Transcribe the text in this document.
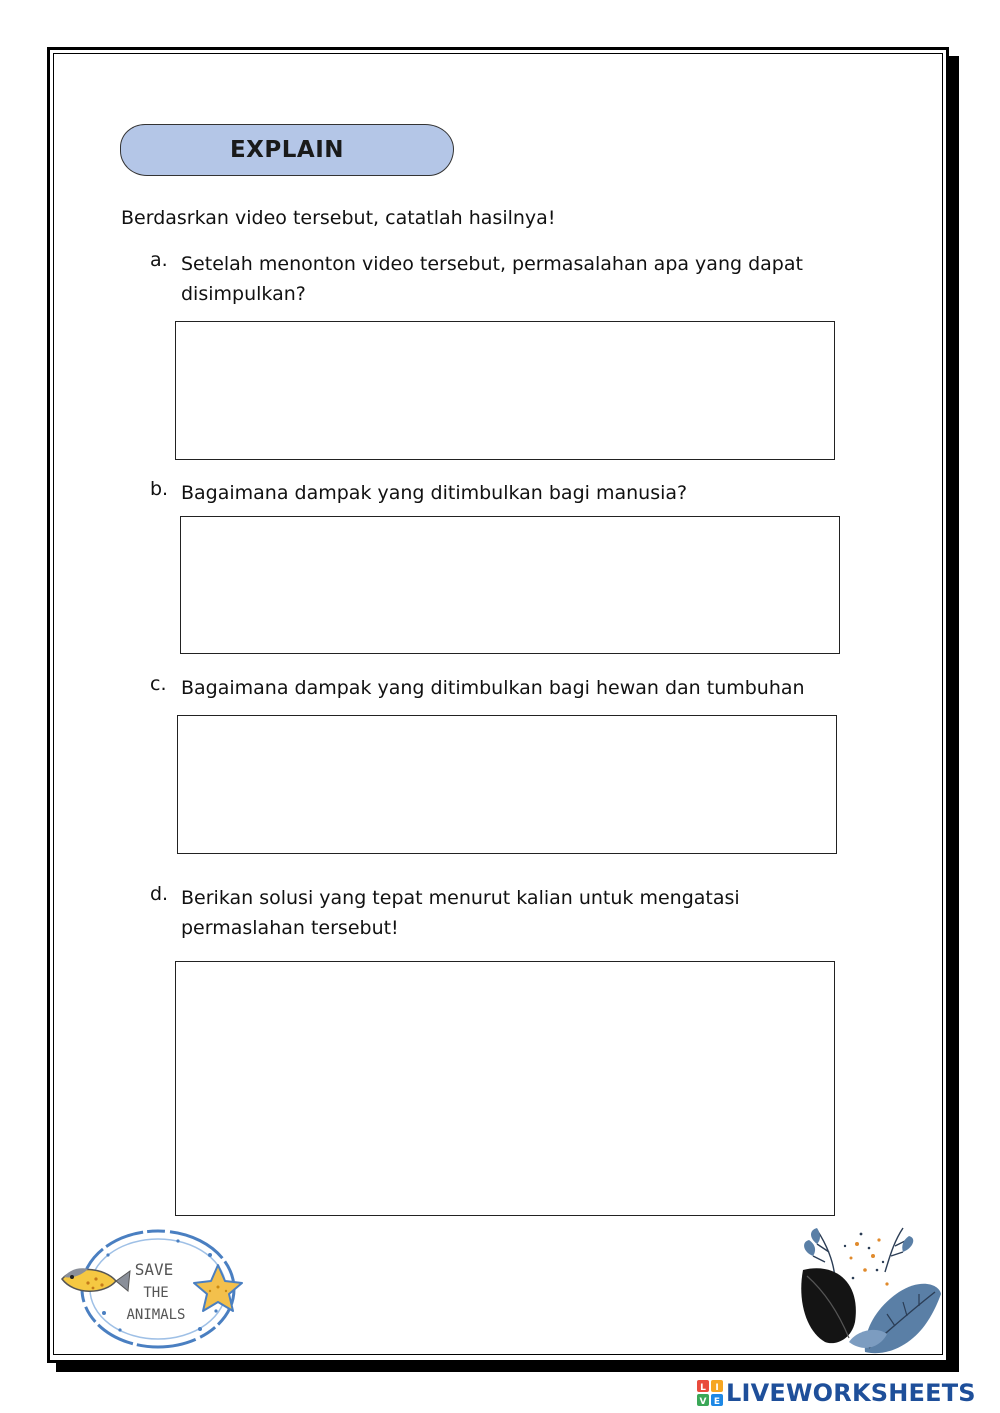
EXPLAIN
Berdasrkan video tersebut, catatlah hasilnya!
a. Setelah menonton video tersebut, permasalahan apa yang dapat disimpulkan?
b. Bagaimana dampak yang ditimbulkan bagi manusia?
c. Bagaimana dampak yang ditimbulkan bagi hewan dan tumbuhan
d. Berikan solusi yang tepat menurut kalian untuk mengatasi permaslahan tersebut!
SAVE
THE
ANIMALS
L I
V E LIVEWORKSHEETS
